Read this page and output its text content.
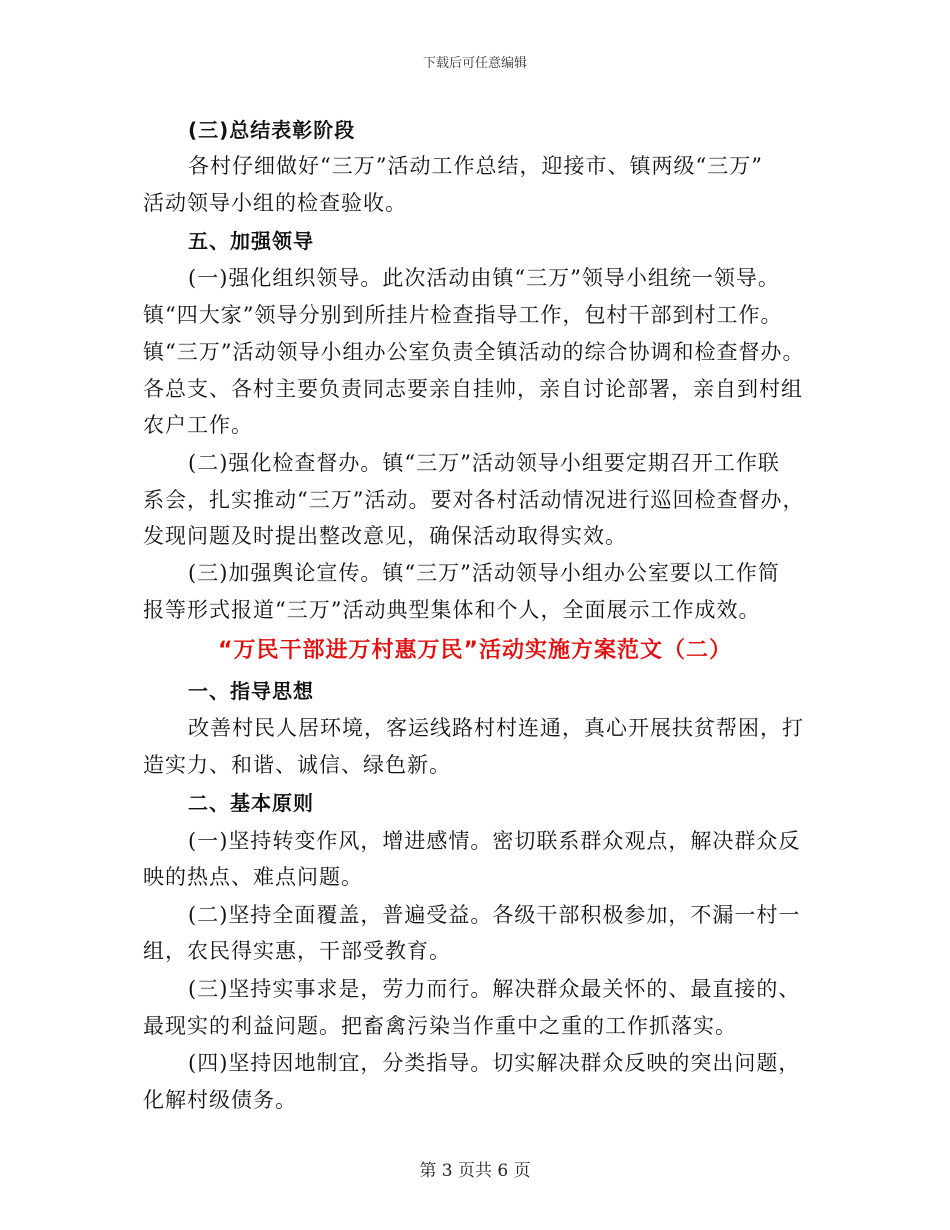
下载后可任意编辑
(三)总结表彰阶段
各村仔细做好“三万”活动工作总结，迎接市、镇两级“三万”
活动领导小组的检查验收。
五、加强领导
(一)强化组织领导。此次活动由镇“三万”领导小组统一领导。
镇“四大家”领导分别到所挂片检查指导工作，包村干部到村工作。
镇“三万”活动领导小组办公室负责全镇活动的综合协调和检查督办。
各总支、各村主要负责同志要亲自挂帅，亲自讨论部署，亲自到村组
农户工作。
(二)强化检查督办。镇“三万”活动领导小组要定期召开工作联
系会，扎实推动“三万”活动。要对各村活动情况进行巡回检查督办，
发现问题及时提出整改意见，确保活动取得实效。
(三)加强舆论宣传。镇“三万”活动领导小组办公室要以工作简
报等形式报道“三万”活动典型集体和个人，全面展示工作成效。
“万民干部进万村惠万民”活动实施方案范文（二）
一、指导思想
改善村民人居环境，客运线路村村连通，真心开展扶贫帮困，打
造实力、和谐、诚信、绿色新。
二、基本原则
(一)坚持转变作风，增进感情。密切联系群众观点，解决群众反
映的热点、难点问题。
(二)坚持全面覆盖，普遍受益。各级干部积极参加，不漏一村一
组，农民得实惠，干部受教育。
(三)坚持实事求是，劳力而行。解决群众最关怀的、最直接的、
最现实的利益问题。把畜禽污染当作重中之重的工作抓落实。
(四)坚持因地制宜，分类指导。切实解决群众反映的突出问题，
化解村级债务。
第 3 页共 6 页
